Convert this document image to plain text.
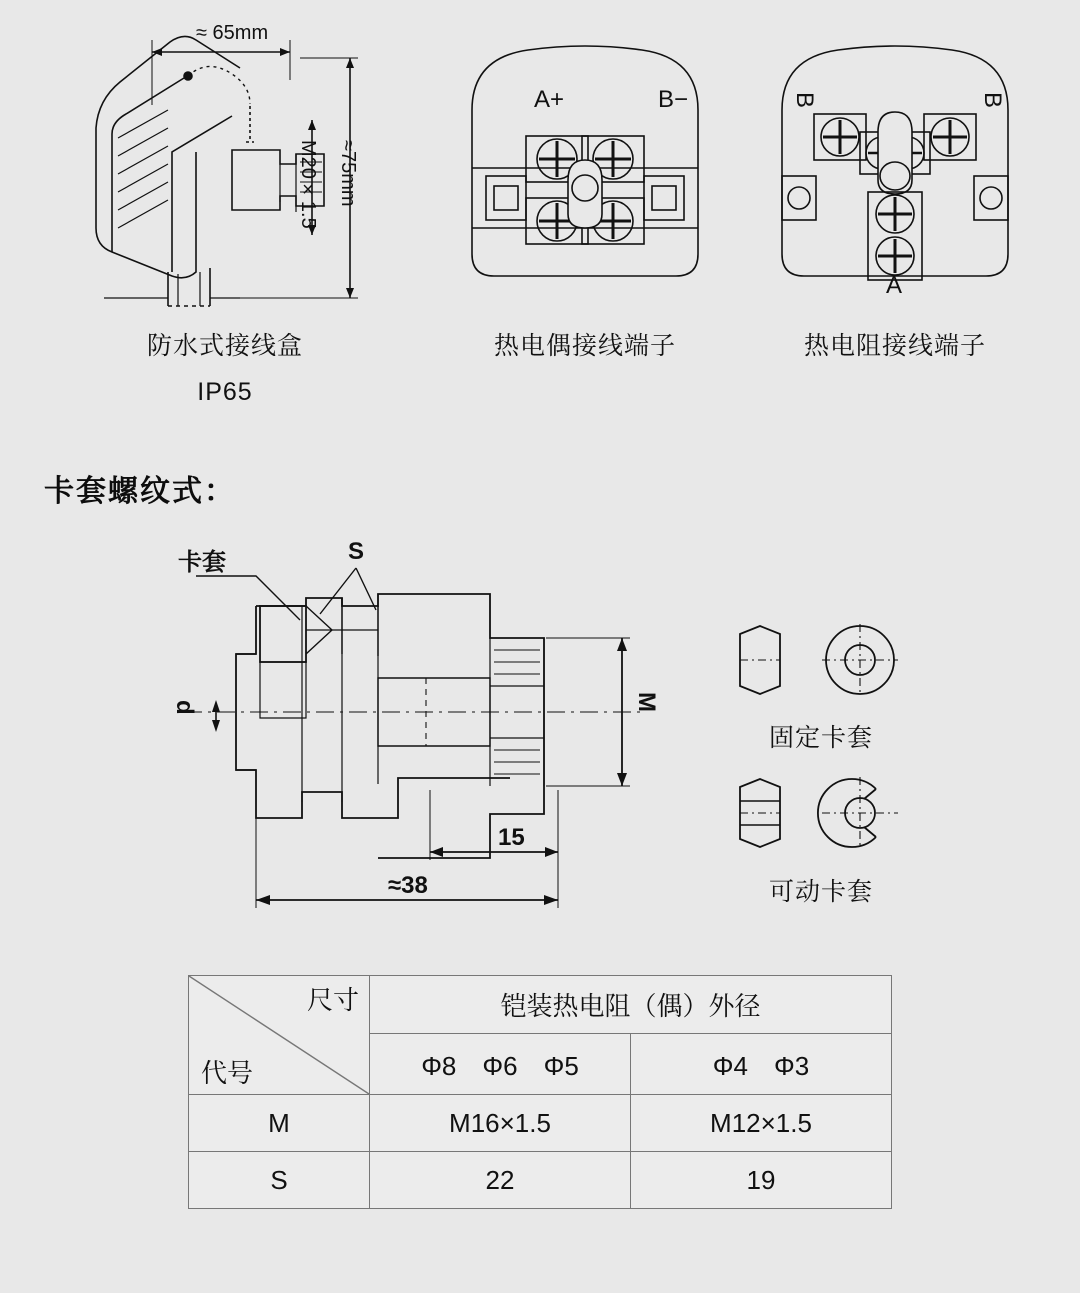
≈ 65mm
≈75mm
M20×1.5
防水式接线盒
IP65
A+	B−
热电偶接线端子
B	B
A
热电阻接线端子
卡套螺纹式：
卡套	S
d	M
15
≈38
固定卡套
可动卡套
尺寸
代号	铠装热电阻（偶）外径	
	Φ8　Φ6　Φ5	Φ4　Φ3
M	M16×1.5	M12×1.5
S	22	19
